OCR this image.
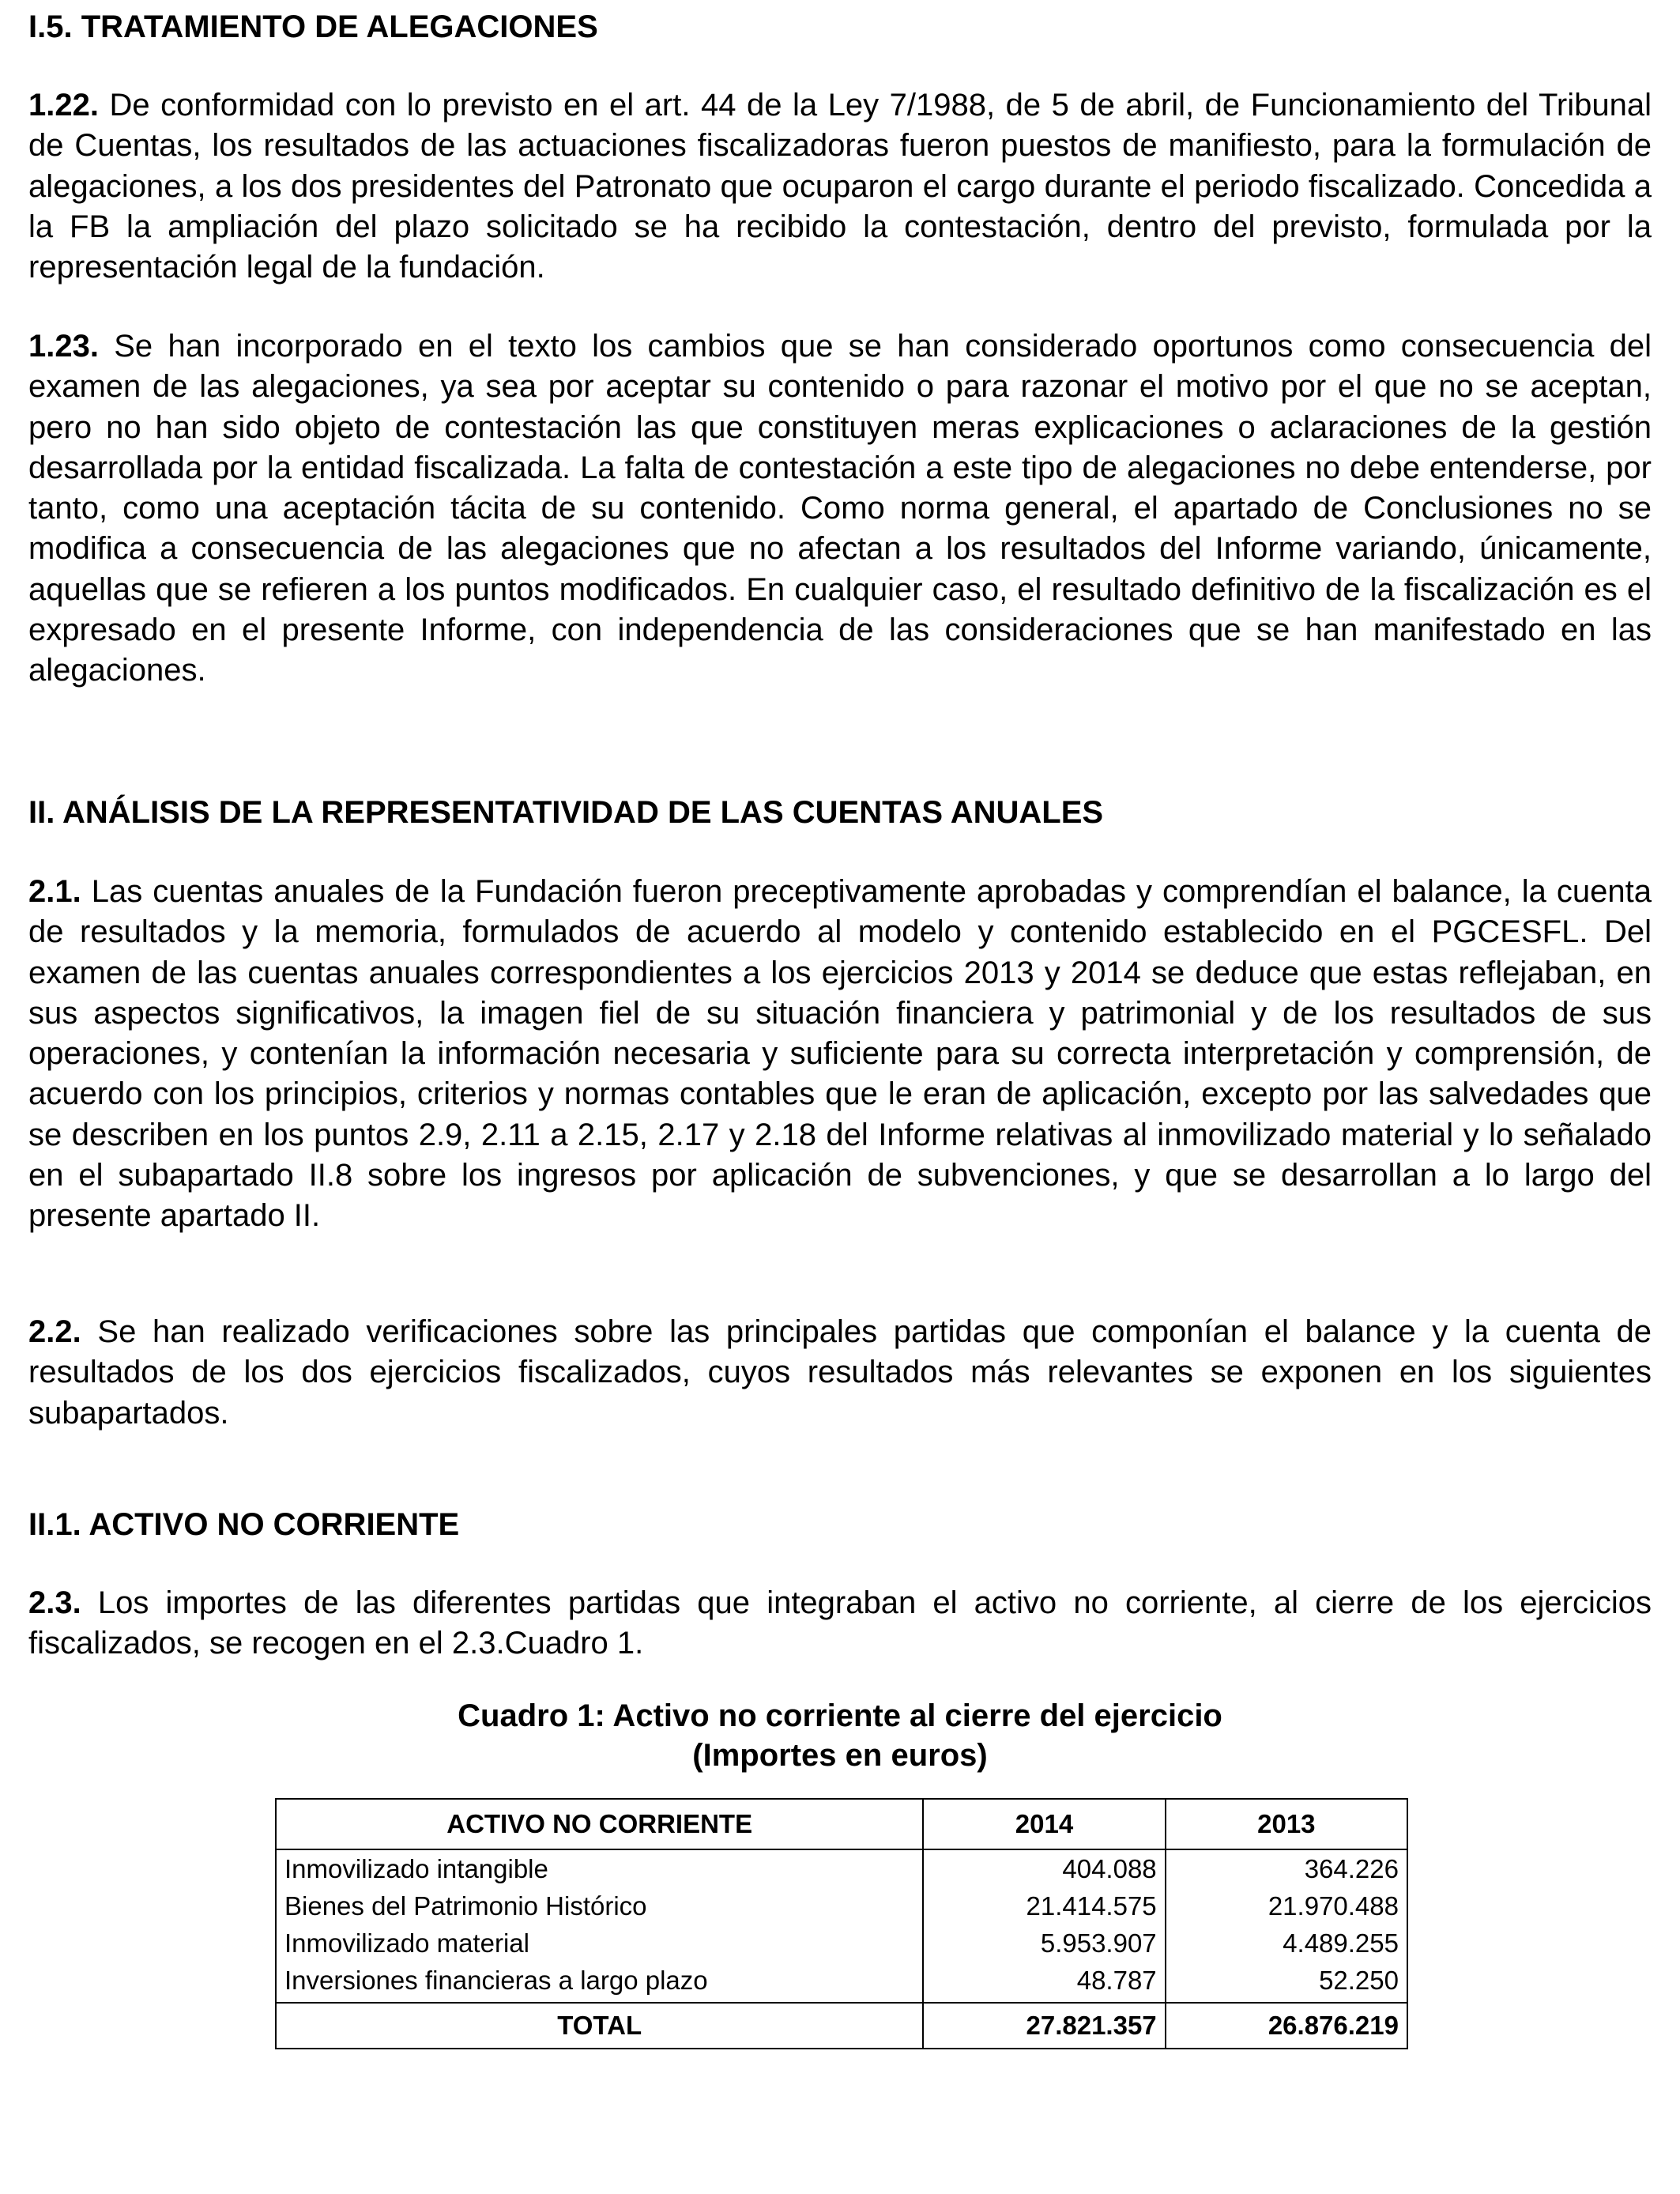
I.5. TRATAMIENTO DE ALEGACIONES

1.22. De conformidad con lo previsto en el art. 44 de la Ley 7/1988, de 5 de abril, de Funcionamiento del Tribunal de Cuentas, los resultados de las actuaciones fiscalizadoras fueron puestos de manifiesto, para la formulación de alegaciones, a los dos presidentes del Patronato que ocuparon el cargo durante el periodo fiscalizado. Concedida a la FB la ampliación del plazo solicitado se ha recibido la contestación, dentro del previsto, formulada por la representación legal de la fundación.

1.23. Se han incorporado en el texto los cambios que se han considerado oportunos como consecuencia del examen de las alegaciones, ya sea por aceptar su contenido o para razonar el motivo por el que no se aceptan, pero no han sido objeto de contestación las que constituyen meras explicaciones o aclaraciones de la gestión desarrollada por la entidad fiscalizada. La falta de contestación a este tipo de alegaciones no debe entenderse, por tanto, como una aceptación tácita de su contenido. Como norma general, el apartado de Conclusiones no se modifica a consecuencia de las alegaciones que no afectan a los resultados del Informe variando, únicamente, aquellas que se refieren a los puntos modificados. En cualquier caso, el resultado definitivo de la fiscalización es el expresado en el presente Informe, con independencia de las consideraciones que se han manifestado en las alegaciones.

II. ANÁLISIS DE LA REPRESENTATIVIDAD DE LAS CUENTAS ANUALES

2.1. Las cuentas anuales de la Fundación fueron preceptivamente aprobadas y comprendían el balance, la cuenta de resultados y la memoria, formulados de acuerdo al modelo y contenido establecido en el PGCESFL. Del examen de las cuentas anuales correspondientes a los ejercicios 2013 y 2014 se deduce que estas reflejaban, en sus aspectos significativos, la imagen fiel de su situación financiera y patrimonial y de los resultados de sus operaciones, y contenían la información necesaria y suficiente para su correcta interpretación y comprensión, de acuerdo con los principios, criterios y normas contables que le eran de aplicación, excepto por las salvedades que se describen en los puntos 2.9, 2.11 a 2.15, 2.17 y 2.18 del Informe relativas al inmovilizado material y lo señalado en el subapartado II.8 sobre los ingresos por aplicación de subvenciones, y que se desarrollan a lo largo del presente apartado II.

2.2. Se han realizado verificaciones sobre las principales partidas que componían el balance y la cuenta de resultados de los dos ejercicios fiscalizados, cuyos resultados más relevantes se exponen en los siguientes subapartados.

II.1. ACTIVO NO CORRIENTE

2.3. Los importes de las diferentes partidas que integraban el activo no corriente, al cierre de los ejercicios fiscalizados, se recogen en el 2.3.Cuadro 1.

Cuadro 1: Activo no corriente al cierre del ejercicio

(Importes en euros)

ACTIVO NO CORRIENTE	2014	2013
Inmovilizado intangible	404.088	364.226
Bienes del Patrimonio Histórico	21.414.575	21.970.488
Inmovilizado material	5.953.907	4.489.255
Inversiones financieras a largo plazo	48.787	52.250
TOTAL	27.821.357	26.876.219
